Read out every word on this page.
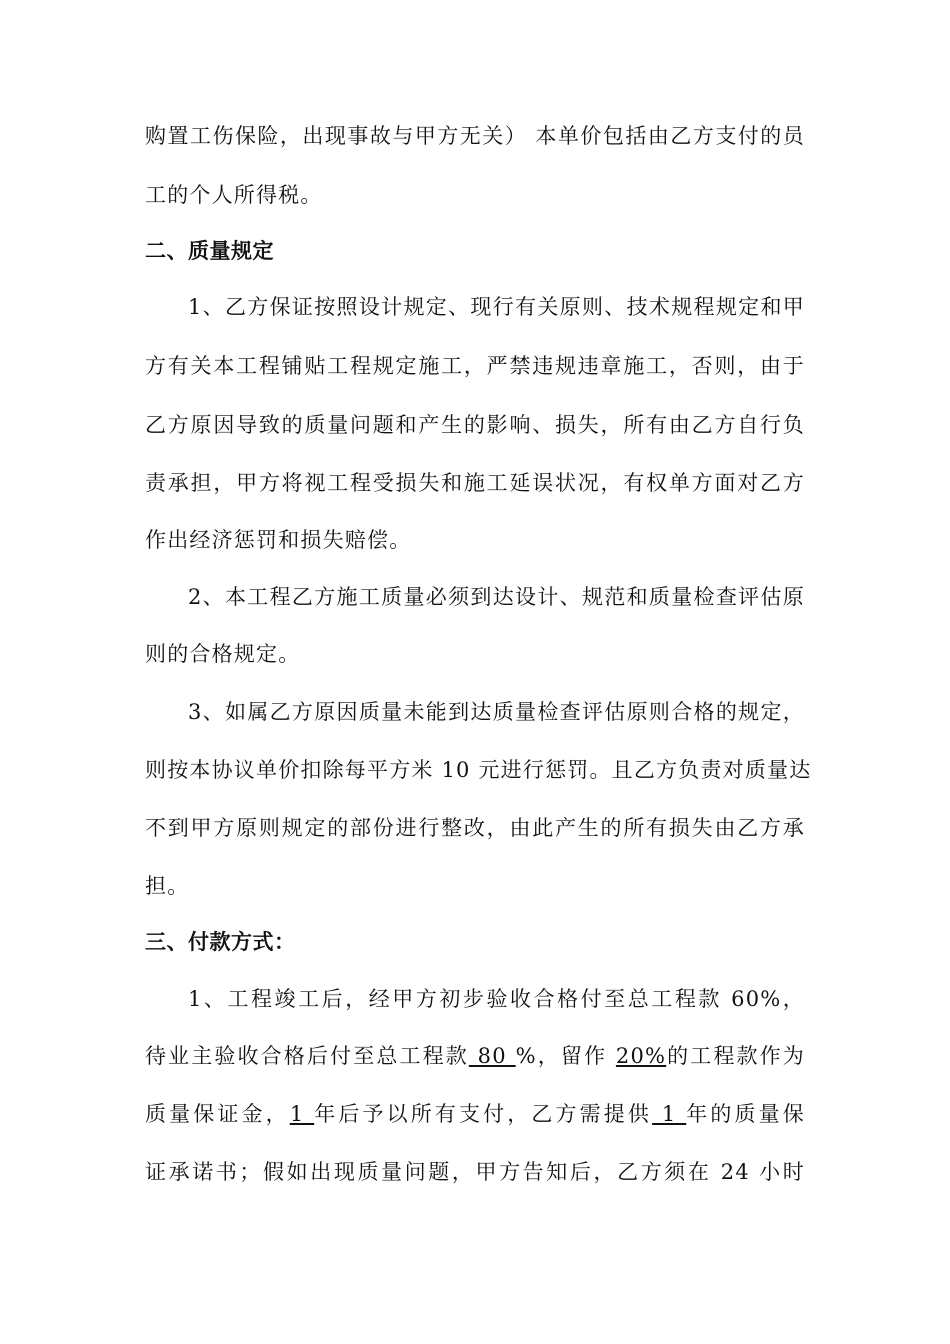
购置工伤保险，出现事故与甲方无关） 本单价包括由乙方支付的员
工的个人所得税。
二、质量规定
1、乙方保证按照设计规定、现行有关原则、技术规程规定和甲
方有关本工程铺贴工程规定施工，严禁违规违章施工，否则，由于
乙方原因导致的质量问题和产生的影响、损失，所有由乙方自行负
责承担，甲方将视工程受损失和施工延误状况，有权单方面对乙方
作出经济惩罚和损失赔偿。
2、本工程乙方施工质量必须到达设计、规范和质量检查评估原
则的合格规定。
3、如属乙方原因质量未能到达质量检查评估原则合格的规定，
则按本协议单价扣除每平方米 10 元进行惩罚。且乙方负责对质量达
不到甲方原则规定的部份进行整改，由此产生的所有损失由乙方承
担。
三、付款方式：
1、工程竣工后，经甲方初步验收合格付至总工程款 60%，
待业主验收合格后付至总工程款 80 %，留作 20%的工程款作为
质量保证金，1 年后予以所有支付，乙方需提供 1 年的质量保
证承诺书；假如出现质量问题，甲方告知后，乙方须在 24 小时
